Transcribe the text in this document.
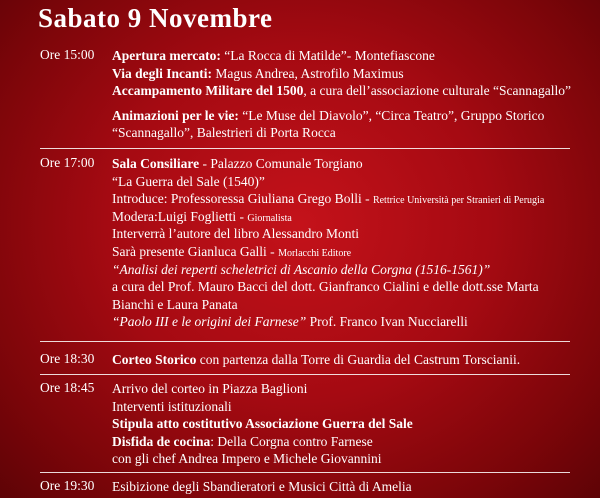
Sabato 9 Novembre
Ore 15:00 Apertura mercato: “La Rocca di Matilde”- Montefiascone
Via degli Incanti: Magus Andrea, Astrofilo Maximus
Accampamento Militare del 1500, a cura dell’associazione culturale “Scannagallo”
Animazioni per le vie: “Le Muse del Diavolo”, “Circa Teatro”, Gruppo Storico
“Scannagallo”, Balestrieri di Porta Rocca
Ore 17:00 Sala Consiliare - Palazzo Comunale Torgiano
“La Guerra del Sale (1540)”
Introduce: Professoressa Giuliana Grego Bolli - Rettrice Università per Stranieri di Perugia
Modera:Luigi Foglietti - Giornalista
Interverrà l’autore del libro Alessandro Monti
Sarà presente Gianluca Galli - Morlacchi Editore
“Analisi dei reperti scheletrici di Ascanio della Corgna (1516-1561)”
a cura del Prof. Mauro Bacci del dott. Gianfranco Cialini e delle dott.sse Marta
Bianchi e Laura Panata
“Paolo III e le origini dei Farnese” Prof. Franco Ivan Nucciarelli
Ore 18:30 Corteo Storico con partenza dalla Torre di Guardia del Castrum Torscianii.
Ore 18:45 Arrivo del corteo in Piazza Baglioni
Interventi istituzionali
Stipula atto costitutivo Associazione Guerra del Sale
Disfida de cocina: Della Corgna contro Farnese
con gli chef Andrea Impero e Michele Giovannini
Ore 19:30 Esibizione degli Sbandieratori e Musici Città di Amelia
